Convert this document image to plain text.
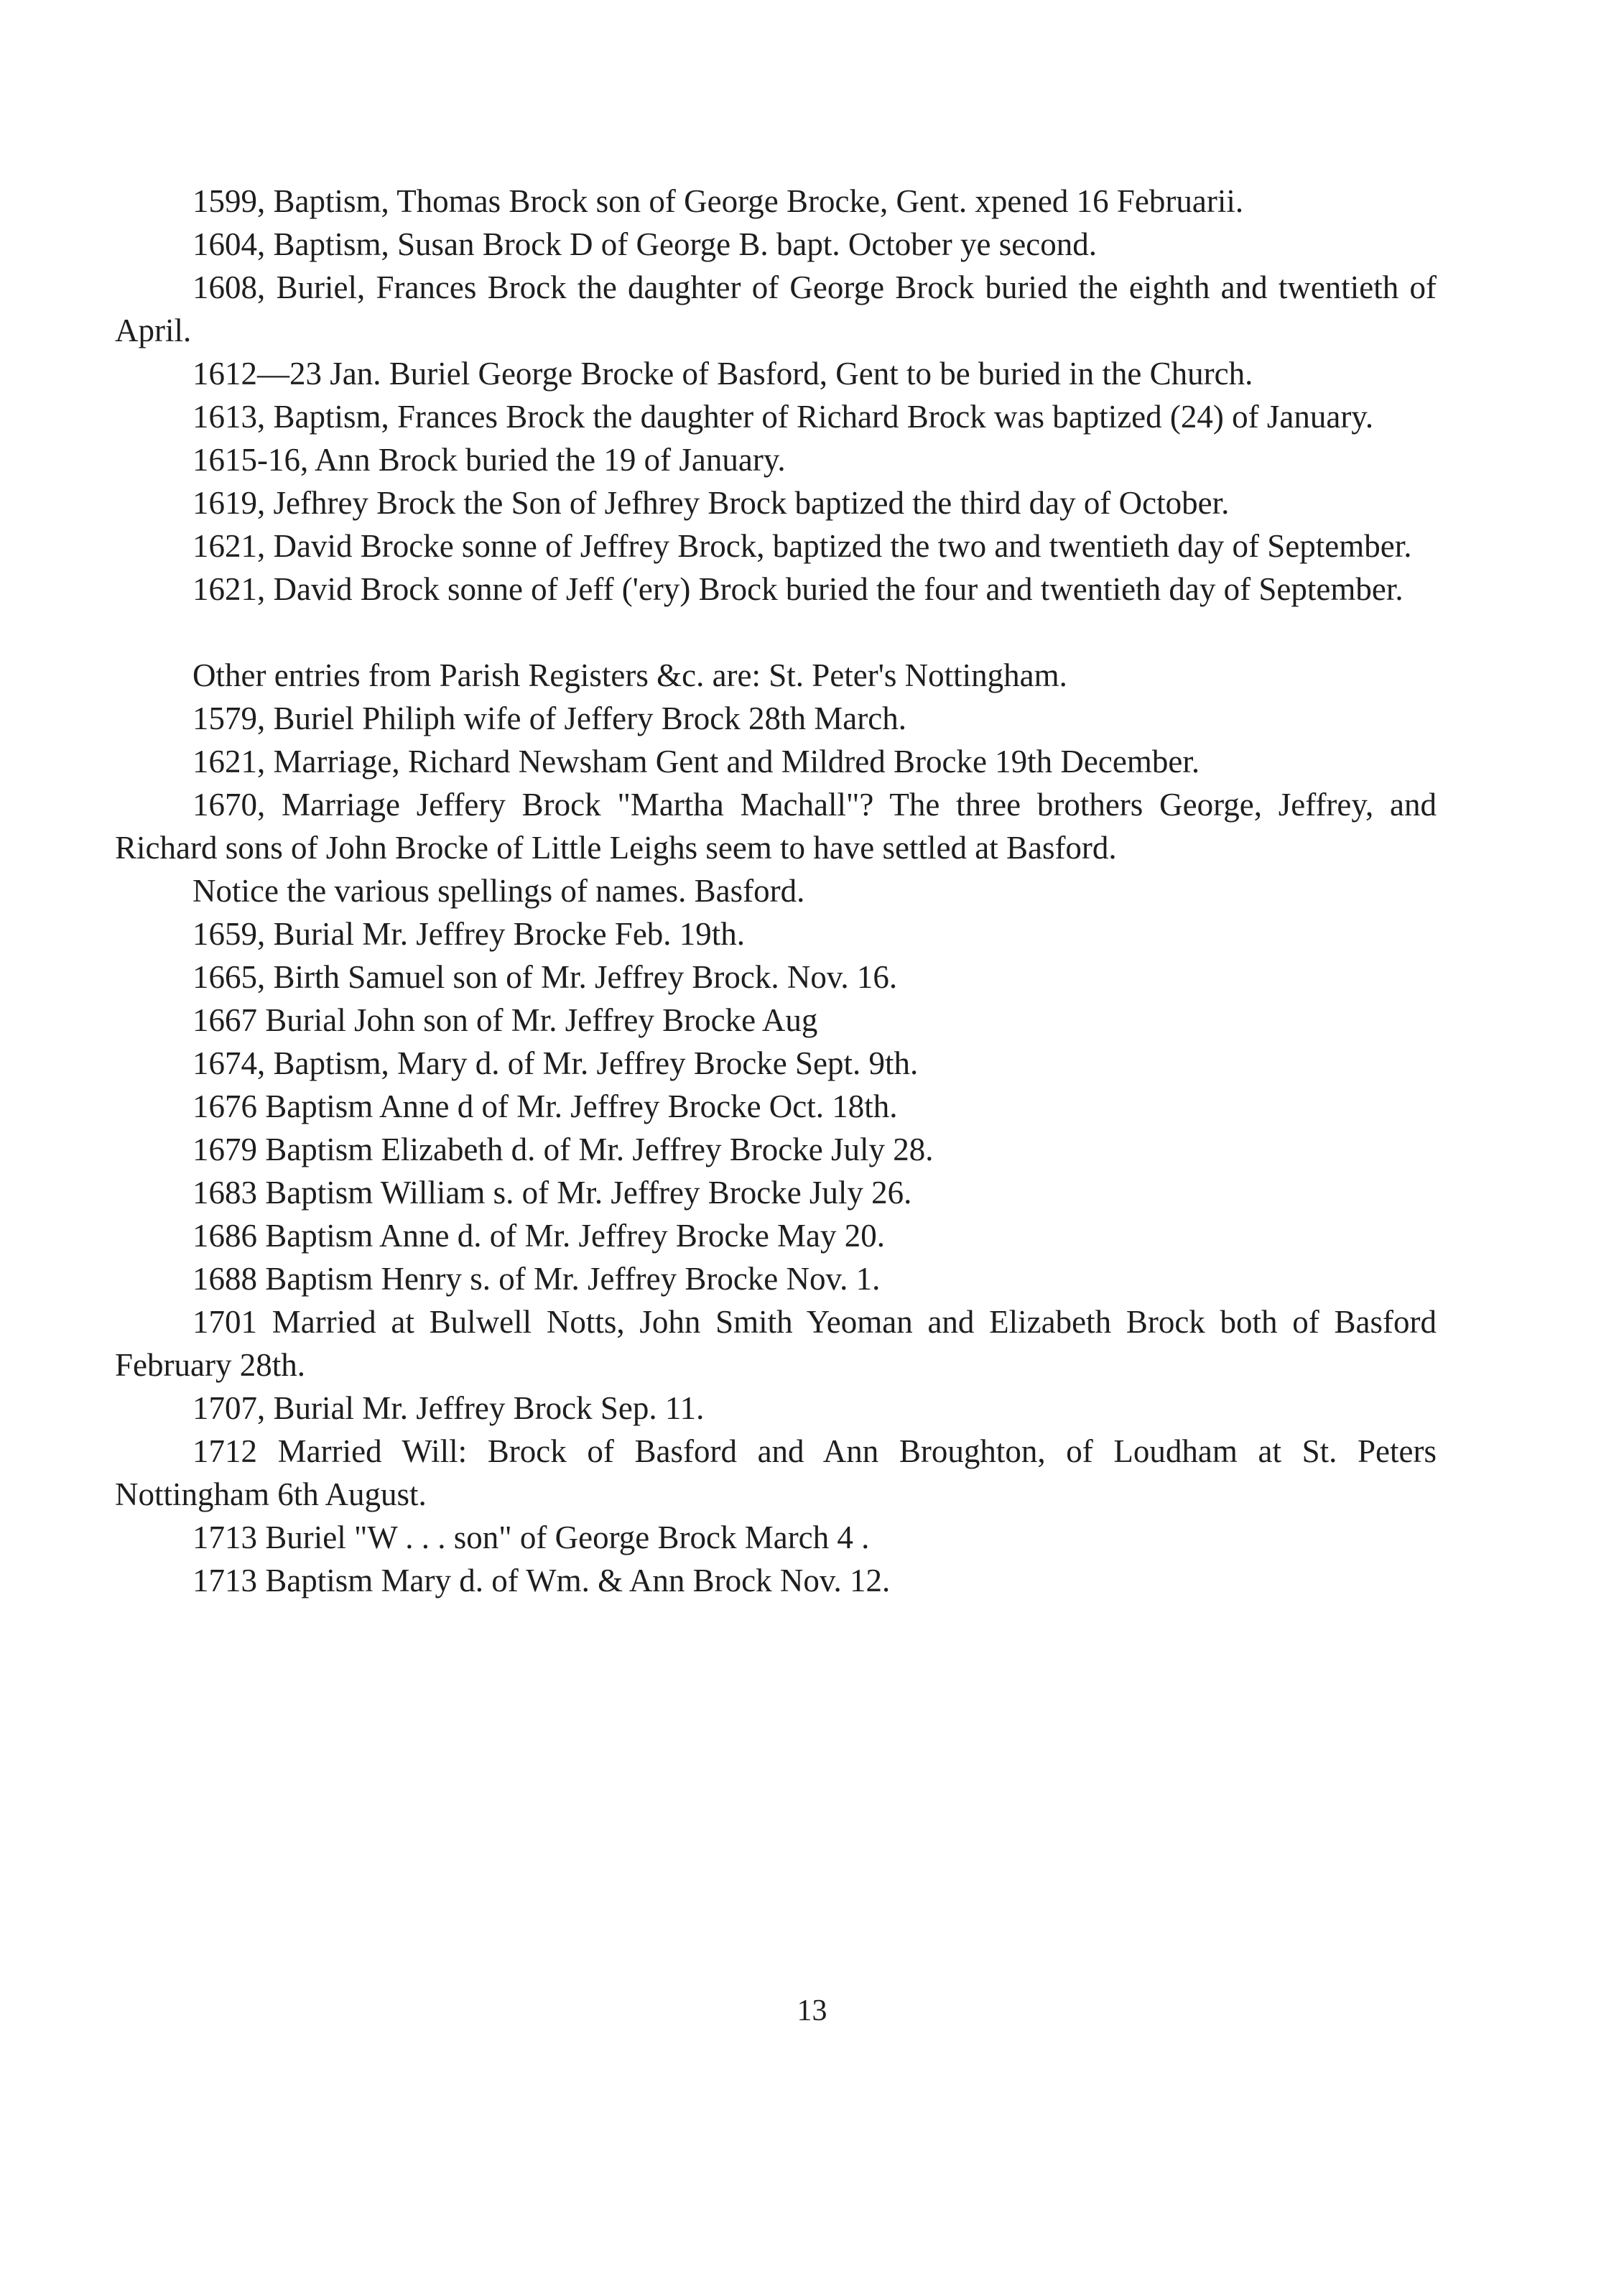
1599, Baptism, Thomas Brock son of George Brocke, Gent. xpened 16 Februarii.

1604, Baptism, Susan Brock D of George B. bapt. October ye second.

1608, Buriel, Frances Brock the daughter of George Brock buried the eighth and twentieth of April.

1612—23 Jan. Buriel George Brocke of Basford, Gent to be buried in the Church.

1613, Baptism, Frances Brock the daughter of Richard Brock was baptized (24) of January.

1615-16, Ann Brock buried the 19 of January.

1619, Jefhrey Brock the Son of Jefhrey Brock baptized the third day of October.

1621, David Brocke sonne of Jeffrey Brock, baptized the two and twentieth day of September.

1621, David Brock sonne of Jeff ('ery) Brock buried the four and twentieth day of September.

Other entries from Parish Registers &c. are: St. Peter's Nottingham.

1579, Buriel Philiph wife of Jeffery Brock 28th March.

1621, Marriage, Richard Newsham Gent and Mildred Brocke 19th December.

1670, Marriage Jeffery Brock "Martha Machall"? The three brothers George, Jeffrey, and Richard sons of John Brocke of Little Leighs seem to have settled at Basford.

Notice the various spellings of names. Basford.

1659, Burial Mr. Jeffrey Brocke Feb. 19th.

1665, Birth Samuel son of Mr. Jeffrey Brock. Nov. 16.

1667 Burial John son of Mr. Jeffrey Brocke Aug

1674, Baptism, Mary d. of Mr. Jeffrey Brocke Sept. 9th.

1676 Baptism Anne d of Mr. Jeffrey Brocke Oct. 18th.

1679 Baptism Elizabeth d. of Mr. Jeffrey Brocke July 28.

1683 Baptism William s. of Mr. Jeffrey Brocke July 26.

1686 Baptism Anne d. of Mr. Jeffrey Brocke May 20.

1688 Baptism Henry s. of Mr. Jeffrey Brocke Nov. 1.

1701 Married at Bulwell Notts, John Smith Yeoman and Elizabeth Brock both of Basford February 28th.

1707, Burial Mr. Jeffrey Brock Sep. 11.

1712 Married Will: Brock of Basford and Ann Broughton, of Loudham at St. Peters Nottingham 6th August.

1713 Buriel "W . . . son" of George Brock March 4 .

1713 Baptism Mary d. of Wm. & Ann Brock Nov. 12.

13
